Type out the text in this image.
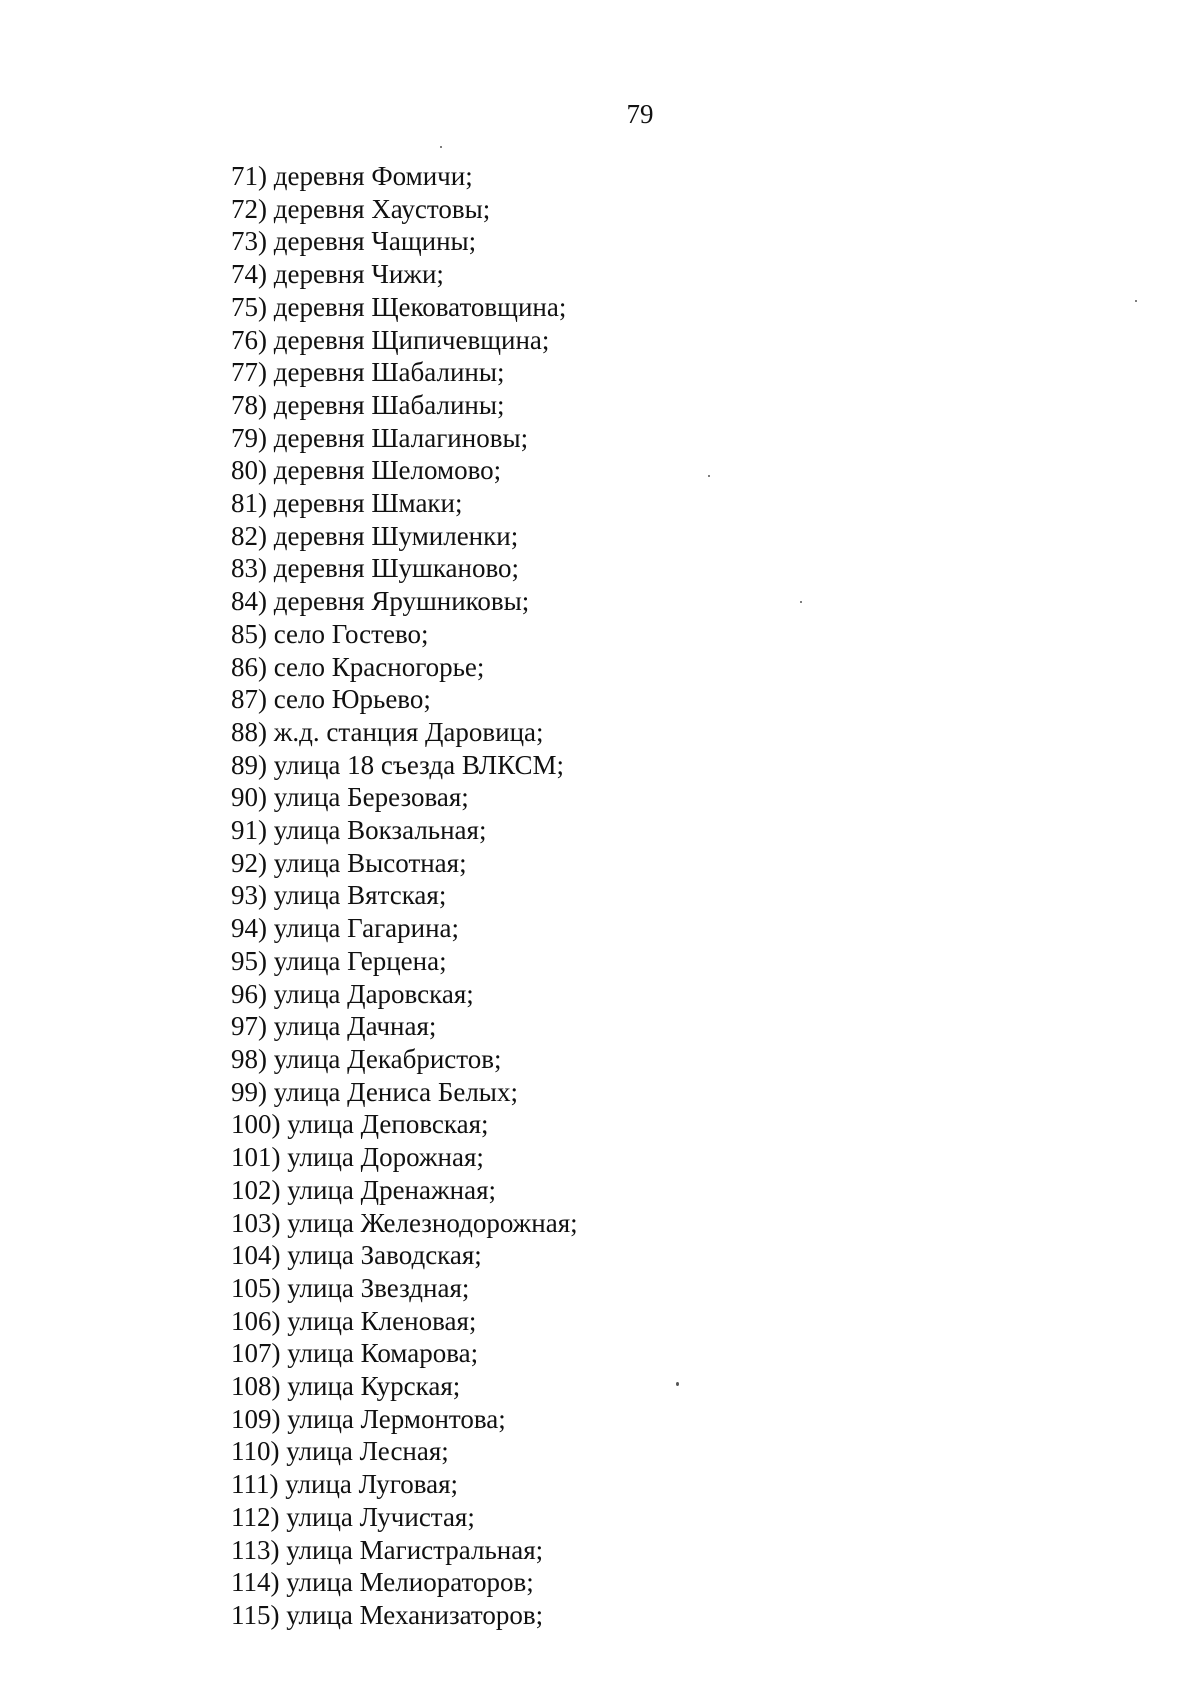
79
71) деревня Фомичи;
72) деревня Хаустовы;
73) деревня Чащины;
74) деревня Чижи;
75) деревня Щековатовщина;
76) деревня Щипичевщина;
77) деревня Шабалины;
78) деревня Шабалины;
79) деревня Шалагиновы;
80) деревня Шеломово;
81) деревня Шмаки;
82) деревня Шумиленки;
83) деревня Шушканово;
84) деревня Ярушниковы;
85) село Гостево;
86) село Красногорье;
87) село Юрьево;
88) ж.д. станция Даровица;
89) улица 18 съезда ВЛКСМ;
90) улица Березовая;
91) улица Вокзальная;
92) улица Высотная;
93) улица Вятская;
94) улица Гагарина;
95) улица Герцена;
96) улица Даровская;
97) улица Дачная;
98) улица Декабристов;
99) улица Дениса Белых;
100) улица Деповская;
101) улица Дорожная;
102) улица Дренажная;
103) улица Железнодорожная;
104) улица Заводская;
105) улица Звездная;
106) улица Кленовая;
107) улица Комарова;
108) улица Курская;
109) улица Лермонтова;
110) улица Лесная;
111) улица Луговая;
112) улица Лучистая;
113) улица Магистральная;
114) улица Мелиораторов;
115) улица Механизаторов;
